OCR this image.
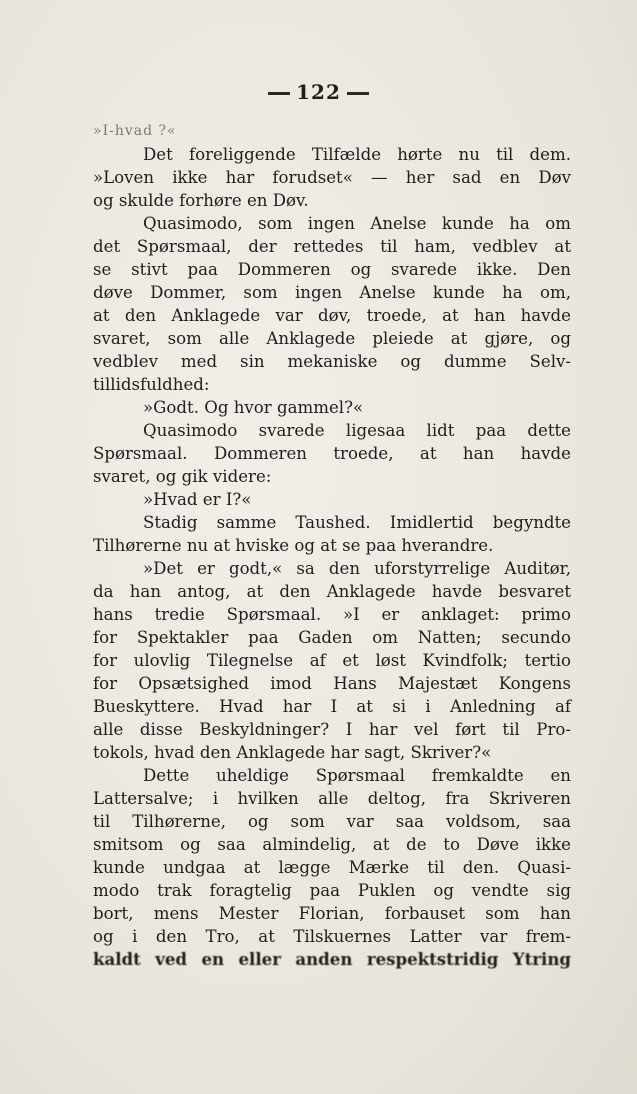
122
»I-hvad ?«
Det foreliggende Tilfælde hørte nu til dem.
»Loven ikke har forudset« — her sad en Døv
og skulde forhøre en Døv.
Quasimodo, som ingen Anelse kunde ha om
det Spørsmaal, der rettedes til ham, vedblev at
se stivt paa Dommeren og svarede ikke. Den
døve Dommer, som ingen Anelse kunde ha om,
at den Anklagede var døv, troede, at han havde
svaret, som alle Anklagede pleiede at gjøre, og
vedblev med sin mekaniske og dumme Selv-
tillidsfuldhed:
»Godt. Og hvor gammel?«
Quasimodo svarede ligesaa lidt paa dette
Spørsmaal. Dommeren troede, at han havde
svaret, og gik videre:
»Hvad er I?«
Stadig samme Taushed. Imidlertid begyndte
Tilhørerne nu at hviske og at se paa hverandre.
»Det er godt,« sa den uforstyrrelige Auditør,
da han antog, at den Anklagede havde besvaret
hans tredie Spørsmaal. »I er anklaget: primo
for Spektakler paa Gaden om Natten; secundo
for ulovlig Tilegnelse af et løst Kvindfolk; tertio
for Opsætsighed imod Hans Majestæt Kongens
Bueskyttere. Hvad har I at si i Anledning af
alle disse Beskyldninger? I har vel ført til Pro-
tokols, hvad den Anklagede har sagt, Skriver?«
Dette uheldige Spørsmaal fremkaldte en
Lattersalve; i hvilken alle deltog, fra Skriveren
til Tilhørerne, og som var saa voldsom, saa
smitsom og saa almindelig, at de to Døve ikke
kunde undgaa at lægge Mærke til den. Quasi-
modo trak foragtelig paa Puklen og vendte sig
bort, mens Mester Florian, forbauset som han
og i den Tro, at Tilskuernes Latter var frem-
kaldt ved en eller anden respektstridig Ytring
